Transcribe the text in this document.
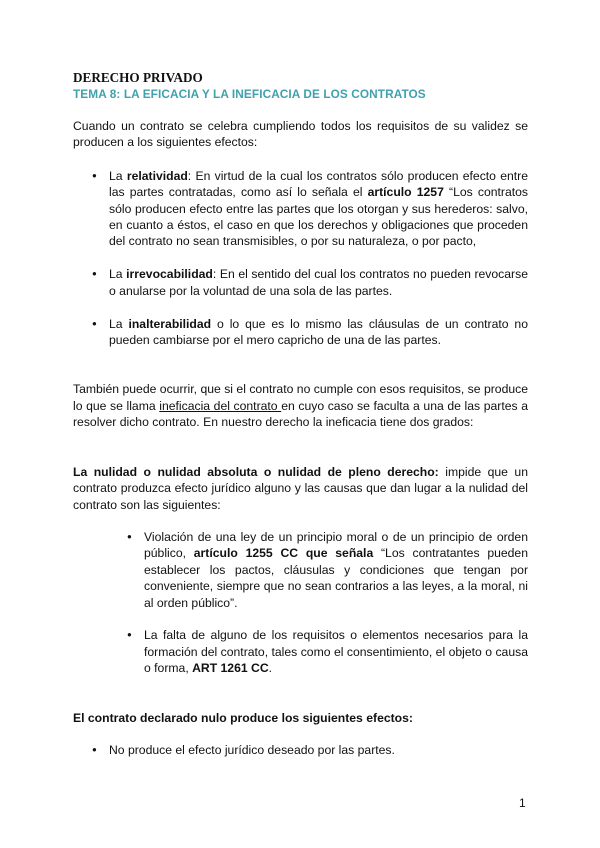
DERECHO PRIVADO
TEMA 8: LA EFICACIA Y LA INEFICACIA DE LOS CONTRATOS

Cuando un contrato se celebra cumpliendo todos los requisitos de su validez se producen a los siguientes efectos:

● La relatividad: En virtud de la cual los contratos sólo producen efecto entre las partes contratadas, como así lo señala el artículo 1257 “Los contratos sólo producen efecto entre las partes que los otorgan y sus herederos: salvo, en cuanto a éstos, el caso en que los derechos y obligaciones que proceden del contrato no sean transmisibles, o por su naturaleza, o por pacto,
● La irrevocabilidad: En el sentido del cual los contratos no pueden revocarse o anularse por la voluntad de una sola de las partes.
● La inalterabilidad o lo que es lo mismo las cláusulas de un contrato no pueden cambiarse por el mero capricho de una de las partes.

También puede ocurrir, que si el contrato no cumple con esos requisitos, se produce lo que se llama ineficacia del contrato en cuyo caso se faculta a una de las partes a resolver dicho contrato. En nuestro derecho la ineficacia tiene dos grados:

La nulidad o nulidad absoluta o nulidad de pleno derecho: impide que un contrato produzca efecto jurídico alguno y las causas que dan lugar a la nulidad del contrato son las siguientes:

● Violación de una ley de un principio moral o de un principio de orden público, artículo 1255 CC que señala “Los contratantes pueden establecer los pactos, cláusulas y condiciones que tengan por conveniente, siempre que no sean contrarios a las leyes, a la moral, ni al orden público”.
● La falta de alguno de los requisitos o elementos necesarios para la formación del contrato, tales como el consentimiento, el objeto o causa o forma, ART 1261 CC.

El contrato declarado nulo produce los siguientes efectos:

● No produce el efecto jurídico deseado por las partes.
1
